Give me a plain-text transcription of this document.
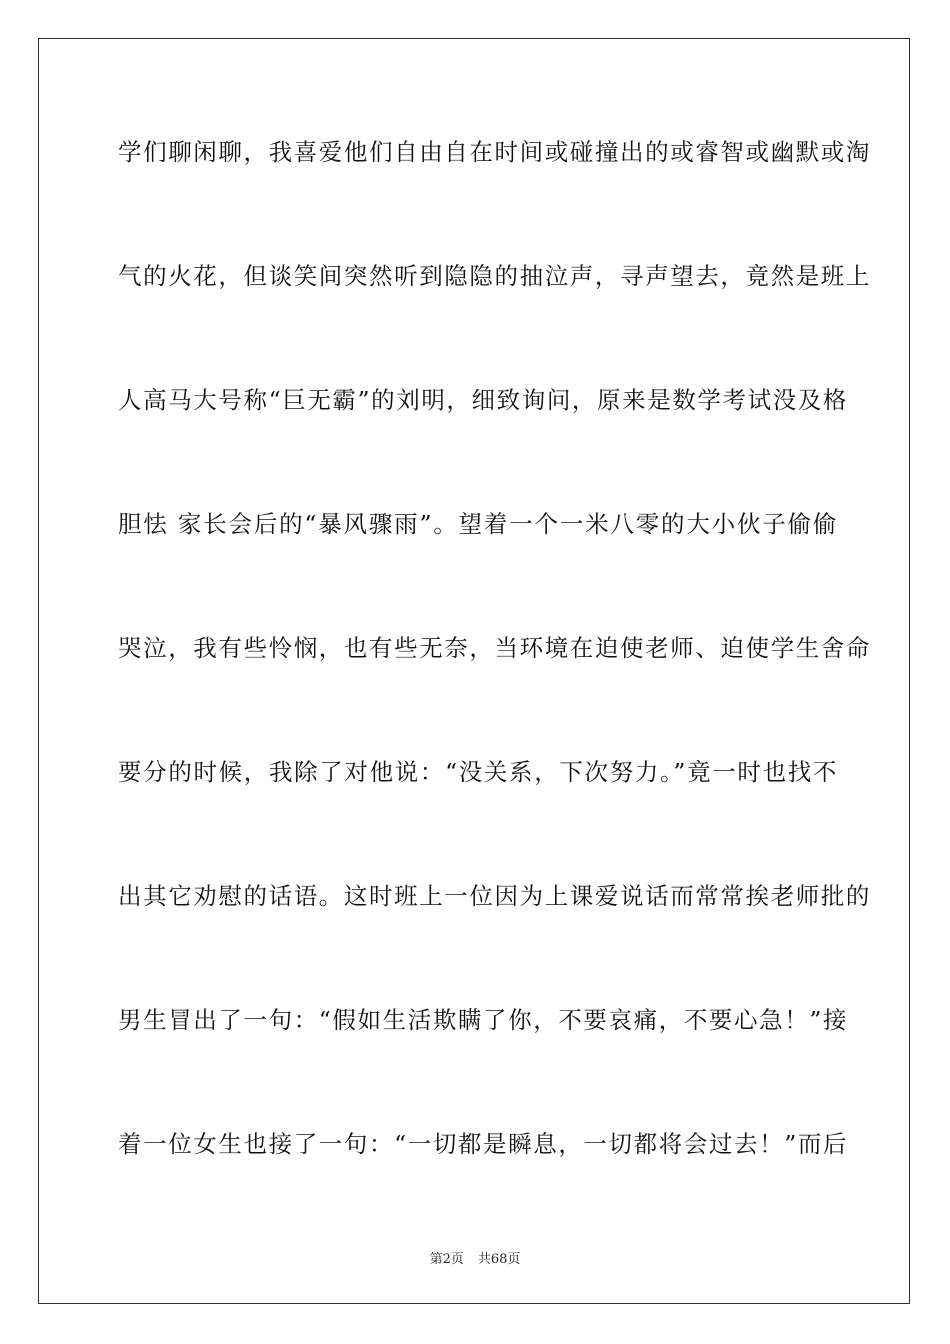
学们聊闲聊，我喜爱他们自由自在时间或碰撞出的或睿智或幽默或淘
气的火花，但谈笑间突然听到隐隐的抽泣声，寻声望去，竟然是班上
人高马大号称“巨无霸”的刘明，细致询问，原来是数学考试没及格
胆怯 家长会后的“暴风骤雨”。望着一个一米八零的大小伙子偷偷
哭泣，我有些怜悯，也有些无奈，当环境在迫使老师、迫使学生舍命
要分的时候，我除了对他说：“没关系，下次努力。”竟一时也找不
出其它劝慰的话语。这时班上一位因为上课爱说话而常常挨老师批的
男生冒出了一句：“假如生活欺瞒了你，不要哀痛，不要心急！”接
着一位女生也接了一句：“一切都是瞬息，一切都将会过去！”而后
第2页 共68页
